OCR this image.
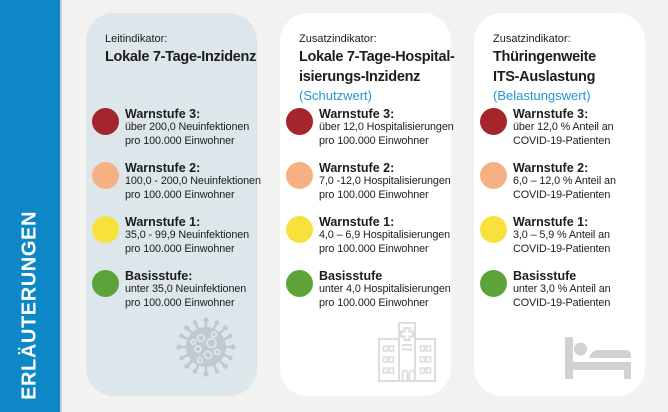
ERLÄUTERUNGEN
Leitindikator:
Lokale 7-Tage-Inzidenz
Warnstufe 3:
über 200,0 Neuinfektionen
pro 100.000 Einwohner
Warnstufe 2:
100,0 - 200,0 Neuinfektionen
pro 100.000 Einwohner
Warnstufe 1:
35,0 - 99,9 Neuinfektionen
pro 100.000 Einwohner
Basisstufe:
unter 35,0 Neuinfektionen
pro 100.000 Einwohner
Zusatzindikator:
Lokale 7-Tage-Hospital-
isierungs-Inzidenz
(Schutzwert)
Warnstufe 3:
über 12,0 Hospitalisierungen
pro 100.000 Einwohner
Warnstufe 2:
7,0 -12,0 Hospitalisierungen
pro 100.000 Einwohner
Warnstufe 1:
4,0 – 6,9 Hospitalisierungen
pro 100.000 Einwohner
Basisstufe
unter 4,0 Hospitalisierungen
pro 100.000 Einwohner
Zusatzindikator:
Thüringenweite
ITS-Auslastung
(Belastungswert)
Warnstufe 3:
über 12,0 % Anteil an
COVID-19-Patienten
Warnstufe 2:
6,0 – 12,0 % Anteil an
COVID-19-Patienten
Warnstufe 1:
3,0 – 5,9 % Anteil an
COVID-19-Patienten
Basisstufe
unter 3,0 % Anteil an
COVID-19-Patienten
